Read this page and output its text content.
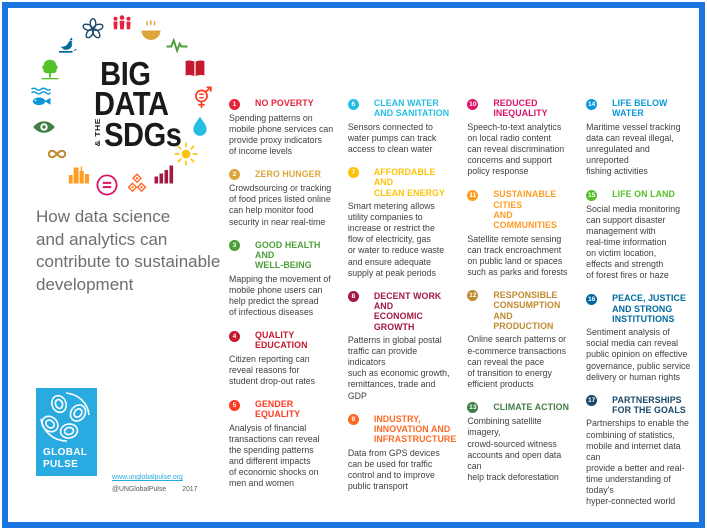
BIG
DATA
& THE SDGs
How data science
and analytics can
contribute to sustainable
development
GLOBAL
PULSE
www.unglobalpulse.org
@UNGlobalPulse 2017
1	NO POVERTY
Spending patterns on
mobile phone services can
provide proxy indicators
of income levels
2	ZERO HUNGER
Crowdsourcing or tracking
of food prices listed online
can help monitor food
security in near real-time
3	GOOD HEALTH AND
WELL-BEING
Mapping the movement of
mobile phone users can
help predict the spread
of infectious diseases
4	QUALITY EDUCATION
Citizen reporting can
reveal reasons for
student drop-out rates
5	GENDER EQUALITY
Analysis of financial
transactions can reveal
the spending patterns
and different impacts
of economic shocks on
men and women
6	CLEAN WATER
AND SANITATION
Sensors connected to
water pumps can track
access to clean water
7	AFFORDABLE AND
CLEAN ENERGY
Smart metering allows
utility companies to
increase or restrict the
flow of electricity, gas
or water to reduce waste
and ensure adequate
supply at peak periods
8	DECENT WORK AND
ECONOMIC GROWTH
Patterns in global postal
traffic can provide indicators
such as economic growth,
remittances, trade and GDP
9	INDUSTRY,
INNOVATION AND
INFRASTRUCTURE
Data from GPS devices
can be used for traffic
control and to improve
public transport
10 REDUCED INEQUALITY
Speech-to-text analytics
on local radio content
can reveal discrimination
concerns and support
policy response
11 SUSTAINABLE CITIES
AND COMMUNITIES
Satellite remote sensing
can track encroachment
on public land or spaces
such as parks and forests
12 RESPONSIBLE
CONSUMPTION AND
PRODUCTION
Online search patterns or
e-commerce transactions
can reveal the pace
of transition to energy
efficient products
13 CLIMATE ACTION
Combining satellite imagery,
crowd-sourced witness
accounts and open data can
help track deforestation
14 LIFE BELOW WATER
Maritime vessel tracking
data can reveal illegal,
unregulated and unreported
fishing activities
15 LIFE ON LAND
Social media monitoring
can support disaster
management with
real-time information
on victim location,
effects and strength
of forest fires or haze
16 PEACE, JUSTICE
AND STRONG
INSTITUTIONS
Sentiment analysis of
social media can reveal
public opinion on effective
governance, public service
delivery or human rights
17 PARTNERSHIPS
FOR THE GOALS
Partnerships to enable the
combining of statistics,
mobile and internet data can
provide a better and real-
time understanding of today's
hyper-connected world
